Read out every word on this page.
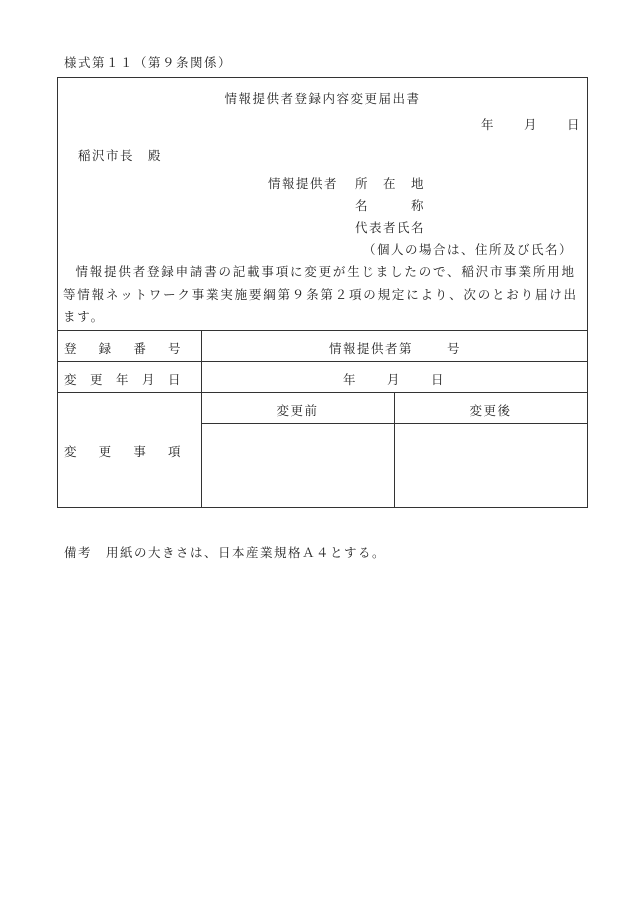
様式第１１（第９条関係）
情報提供者登録内容変更届出書
年 月 日
稲沢市長　殿
情報提供者 所　在　地
名　　　称
代表者氏名
（個人の場合は、住所及び氏名）
情報提供者登録申請書の記載事項に変更が生じましたので、稲沢市事業所用地等情報ネットワーク事業実施要綱第９条第２項の規定により、次のとおり届け出ます。
登　録　番　号	情報提供者第	号
変更年月日	年 月 日
変更事項
変更前	変更後
備考　用紙の大きさは、日本産業規格Ａ４とする。
